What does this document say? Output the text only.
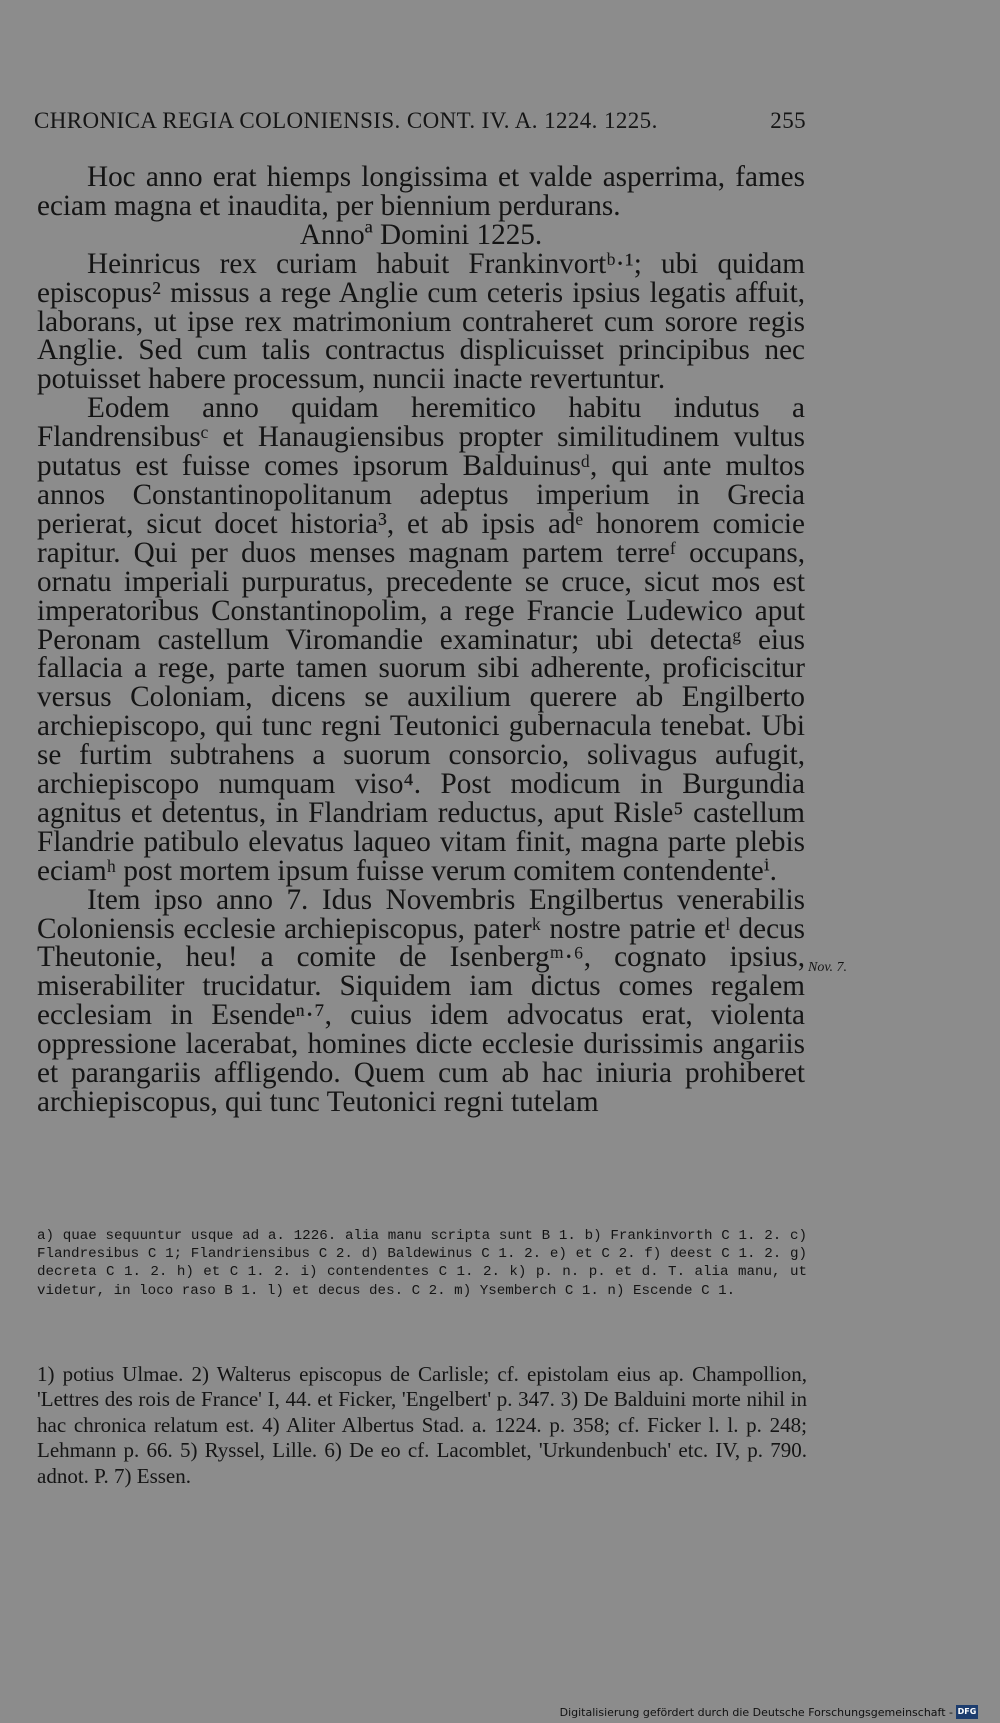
CHRONICA REGIA COLONIENSIS. CONT. IV. A. 1224. 1225.	255

Hoc anno erat hiemps longissima et valde asperrima, fames eciam magna et inaudita, per biennium perdurans.

Annoª Domini 1225.

Heinricus rex curiam habuit Frankinvortᵇ·¹; ubi quidam episcopus² missus a rege Anglie cum ceteris ipsius legatis affuit, laborans, ut ipse rex matrimonium contraheret cum sorore regis Anglie. Sed cum talis contractus displicuisset principibus nec potuisset habere processum, nuncii inacte revertuntur.

Eodem anno quidam heremitico habitu indutus a Flandrensibusᶜ et Hanaugiensibus propter similitudinem vultus putatus est fuisse comes ipsorum Balduinusᵈ, qui ante multos annos Constantinopolitanum adeptus imperium in Grecia perierat, sicut docet historia³, et ab ipsis adᵉ honorem comicie rapitur. Qui per duos menses magnam partem terreᶠ occupans, ornatu imperiali purpuratus, precedente se cruce, sicut mos est imperatoribus Constantinopolim, a rege Francie Ludewico aput Peronam castellum Viromandie examinatur; ubi detectaᵍ eius fallacia a rege, parte tamen suorum sibi adherente, proficiscitur versus Coloniam, dicens se auxilium querere ab Engilberto archiepiscopo, qui tunc regni Teutonici gubernacula tenebat. Ubi se furtim subtrahens a suorum consorcio, solivagus aufugit, archiepiscopo numquam viso⁴. Post modicum in Burgundia agnitus et detentus, in Flandriam reductus, aput Risle⁵ castellum Flandrie patibulo elevatus laqueo vitam finit, magna parte plebis eciamʰ post mortem ipsum fuisse verum comitem contendenteⁱ.

Item ipso anno 7. Idus Novembris Engilbertus venerabilis Coloniensis ecclesie archiepiscopus, paterᵏ nostre patrie etˡ decus Theutonie, heu! a comite de Isenbergᵐ·⁶, cognato ipsius, miserabiliter trucidatur. Siquidem iam dictus comes regalem ecclesiam in Esendeⁿ·⁷, cuius idem advocatus erat, violenta oppressione lacerabat, homines dicte ecclesie durissimis angariis et parangariis affligendo. Quem cum ab hac iniuria prohiberet archiepiscopus, qui tunc Teutonici regni tutelam

Nov. 7.

a) quae sequuntur usque ad a. 1226. alia manu scripta sunt B 1. b) Frankinvorth C 1. 2. c) Flandresibus C 1; Flandriensibus C 2. d) Baldewinus C 1. 2. e) et C 2. f) deest C 1. 2. g) decreta C 1. 2. h) et C 1. 2. i) contendentes C 1. 2. k) p. n. p. et d. T. alia manu, ut videtur, in loco raso B 1. l) et decus des. C 2. m) Ysemberch C 1. n) Escende C 1.

1) potius Ulmae. 2) Walterus episcopus de Carlisle; cf. epistolam eius ap. Champollion, 'Lettres des rois de France' I, 44. et Ficker, 'Engelbert' p. 347. 3) De Balduini morte nihil in hac chronica relatum est. 4) Aliter Albertus Stad. a. 1224. p. 358; cf. Ficker l. l. p. 248; Lehmann p. 66. 5) Ryssel, Lille. 6) De eo cf. Lacomblet, 'Urkundenbuch' etc. IV, p. 790. adnot. P. 7) Essen.

Digitalisierung gefördert durch die Deutsche Forschungsgemeinschaft - DFG
